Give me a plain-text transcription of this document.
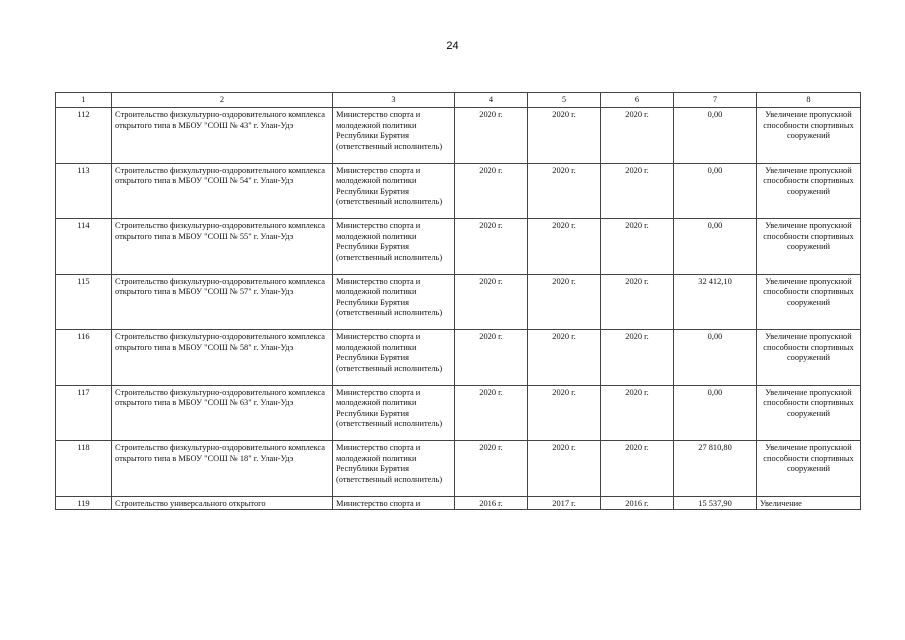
24
1	2	3	4	5	6	7	8
112	Строительство физкультурно-оздоровительного комплекса открытого типа в МБОУ "СОШ № 43" г. Улан-Удэ	Министерство спорта и молодежной политики Республики Бурятия (ответственный исполнитель)	2020 г.	2020 г.	2020 г.	0,00	Увеличение пропускной способности спортивных сооружений
113	Строительство физкультурно-оздоровительного комплекса открытого типа в МБОУ "СОШ № 54" г. Улан-Удэ	Министерство спорта и молодежной политики Республики Бурятия (ответственный исполнитель)	2020 г.	2020 г.	2020 г.	0,00	Увеличение пропускной способности спортивных сооружений
114	Строительство физкультурно-оздоровительного комплекса открытого типа в МБОУ "СОШ № 55" г. Улан-Удэ	Министерство спорта и молодежной политики Республики Бурятия (ответственный исполнитель)	2020 г.	2020 г.	2020 г.	0,00	Увеличение пропускной способности спортивных сооружений
115	Строительство физкультурно-оздоровительного комплекса открытого типа в МБОУ "СОШ № 57" г. Улан-Удэ	Министерство спорта и молодежной политики Республики Бурятия (ответственный исполнитель)	2020 г.	2020 г.	2020 г.	32 412,10	Увеличение пропускной способности спортивных сооружений
116	Строительство физкультурно-оздоровительного комплекса открытого типа в МБОУ "СОШ № 58" г. Улан-Удэ	Министерство спорта и молодежной политики Республики Бурятия (ответственный исполнитель)	2020 г.	2020 г.	2020 г.	0,00	Увеличение пропускной способности спортивных сооружений
117	Строительство физкультурно-оздоровительного комплекса открытого типа в МБОУ "СОШ № 63" г. Улан-Удэ	Министерство спорта и молодежной политики Республики Бурятия (ответственный исполнитель)	2020 г.	2020 г.	2020 г.	0,00	Увеличение пропускной способности спортивных сооружений
118	Строительство физкультурно-оздоровительного комплекса открытого типа в МБОУ "СОШ № 18" г. Улан-Удэ	Министерство спорта и молодежной политики Республики Бурятия (ответственный исполнитель)	2020 г.	2020 г.	2020 г.	27 810,80	Увеличение пропускной способности спортивных сооружений
119	Строительство универсального открытого	Министерство спорта и	2016 г.	2017 г.	2016 г.	15 537,90	Увеличение
